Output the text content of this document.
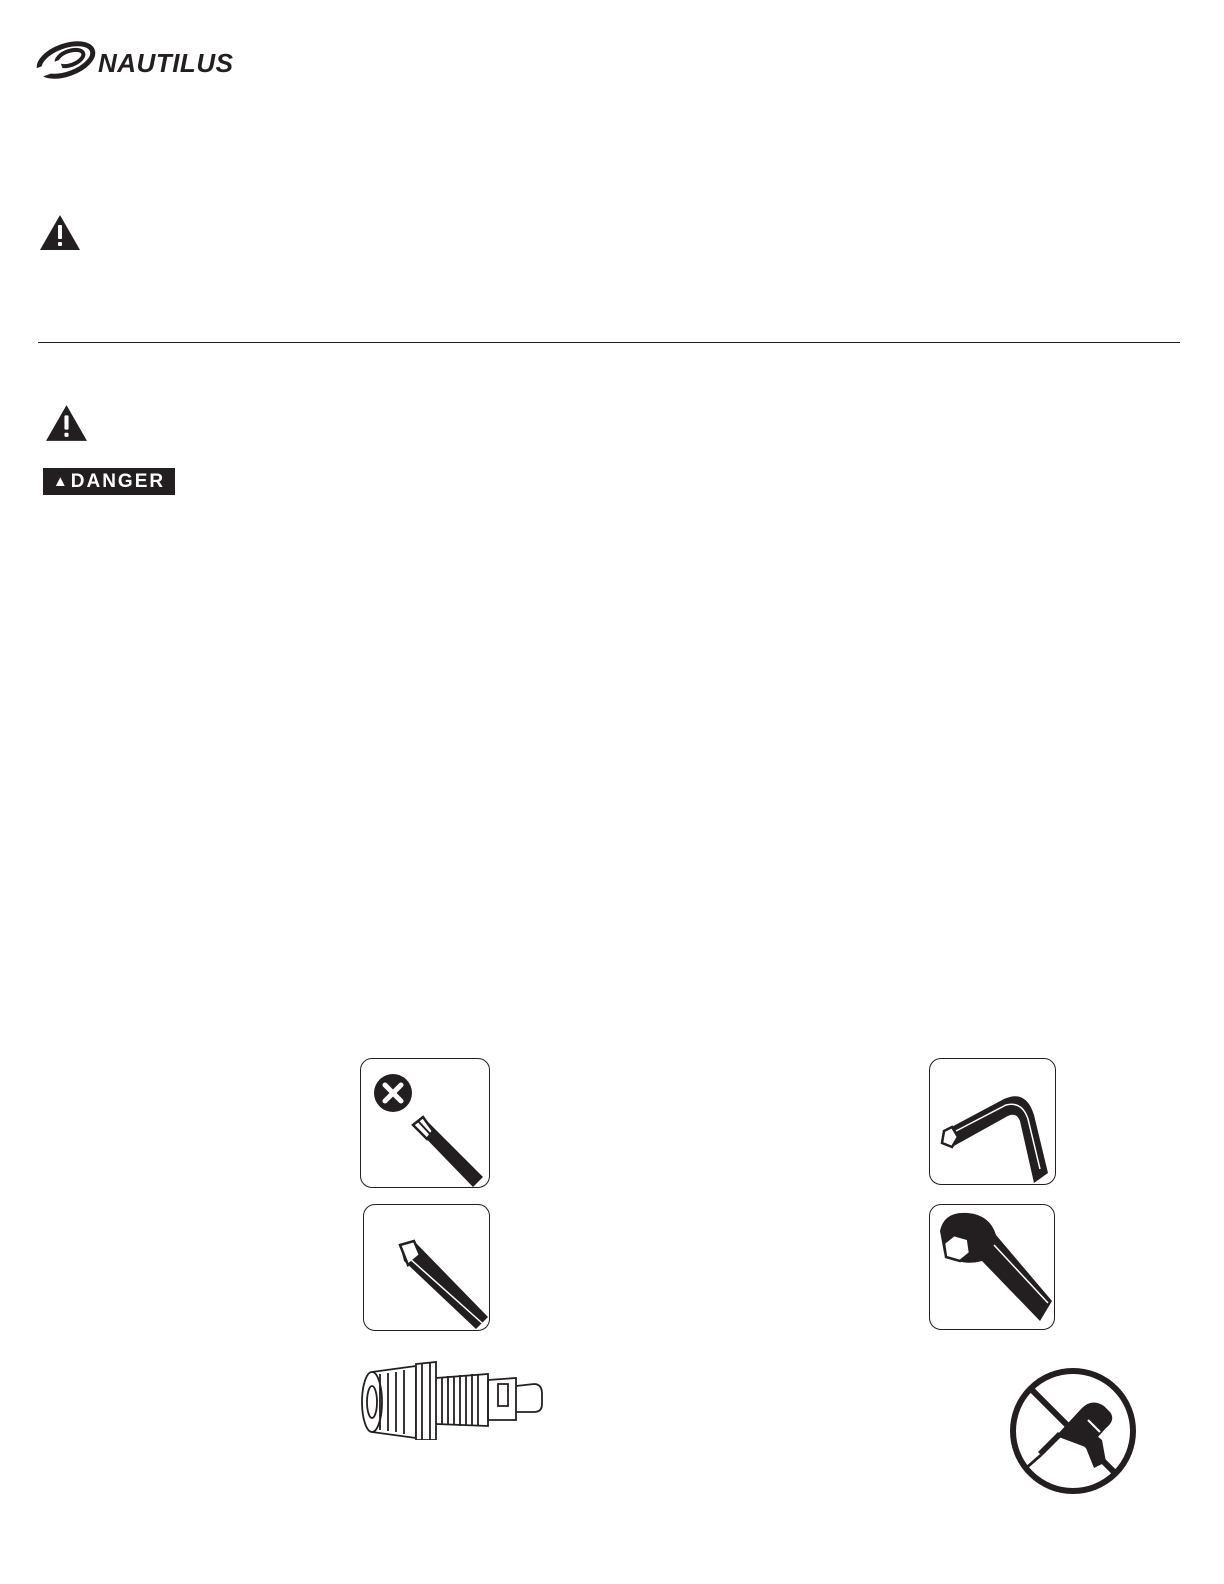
NAUTILUS
▲ DANGER
